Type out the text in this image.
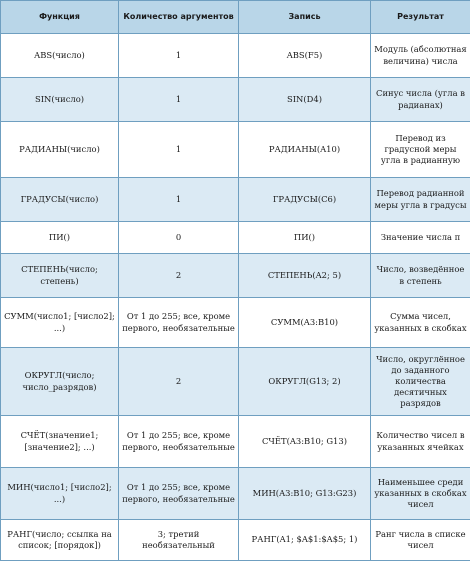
Функция	Количество аргументов	Запись	Результат
ABS(число)	1	ABS(F5)	Модуль (абсолютная величина) числа
SIN(число)	1	SIN(D4)	Синус числа (угла в радианах)
РАДИАНЫ(число)	1	РАДИАНЫ(A10)	Перевод из градусной меры угла в радианную
ГРАДУСЫ(число)	1	ГРАДУСЫ(C6)	Перевод радианной меры угла в градусы
ПИ()	0	ПИ()	Значение числа π
СТЕПЕНЬ(число; степень)	2	СТЕПЕНЬ(A2; 5)	Число, возведённое в степень
СУММ(число1; [число2]; ...)	От 1 до 255; все, кроме первого, необязательные	СУММ(A3:B10)	Сумма чисел, указанных в скобках
ОКРУГЛ(число; число_разрядов)	2	ОКРУГЛ(G13; 2)	Число, округлённое до заданного количества десятичных разрядов
СЧЁТ(значение1; [значение2]; ...)	От 1 до 255; все, кроме первого, необязательные	СЧЁТ(A3:B10; G13)	Количество чисел в указанных ячейках
МИН(число1; [число2]; ...)	От 1 до 255; все, кроме первого, необязательные	МИН(A3:B10; G13:G23)	Наименьшее среди указанных в скобках чисел
РАНГ(число; ссылка на список; [порядок])	3; третий необязательный	РАНГ(A1; $A$1:$A$5; 1)	Ранг числа в списке чисел
